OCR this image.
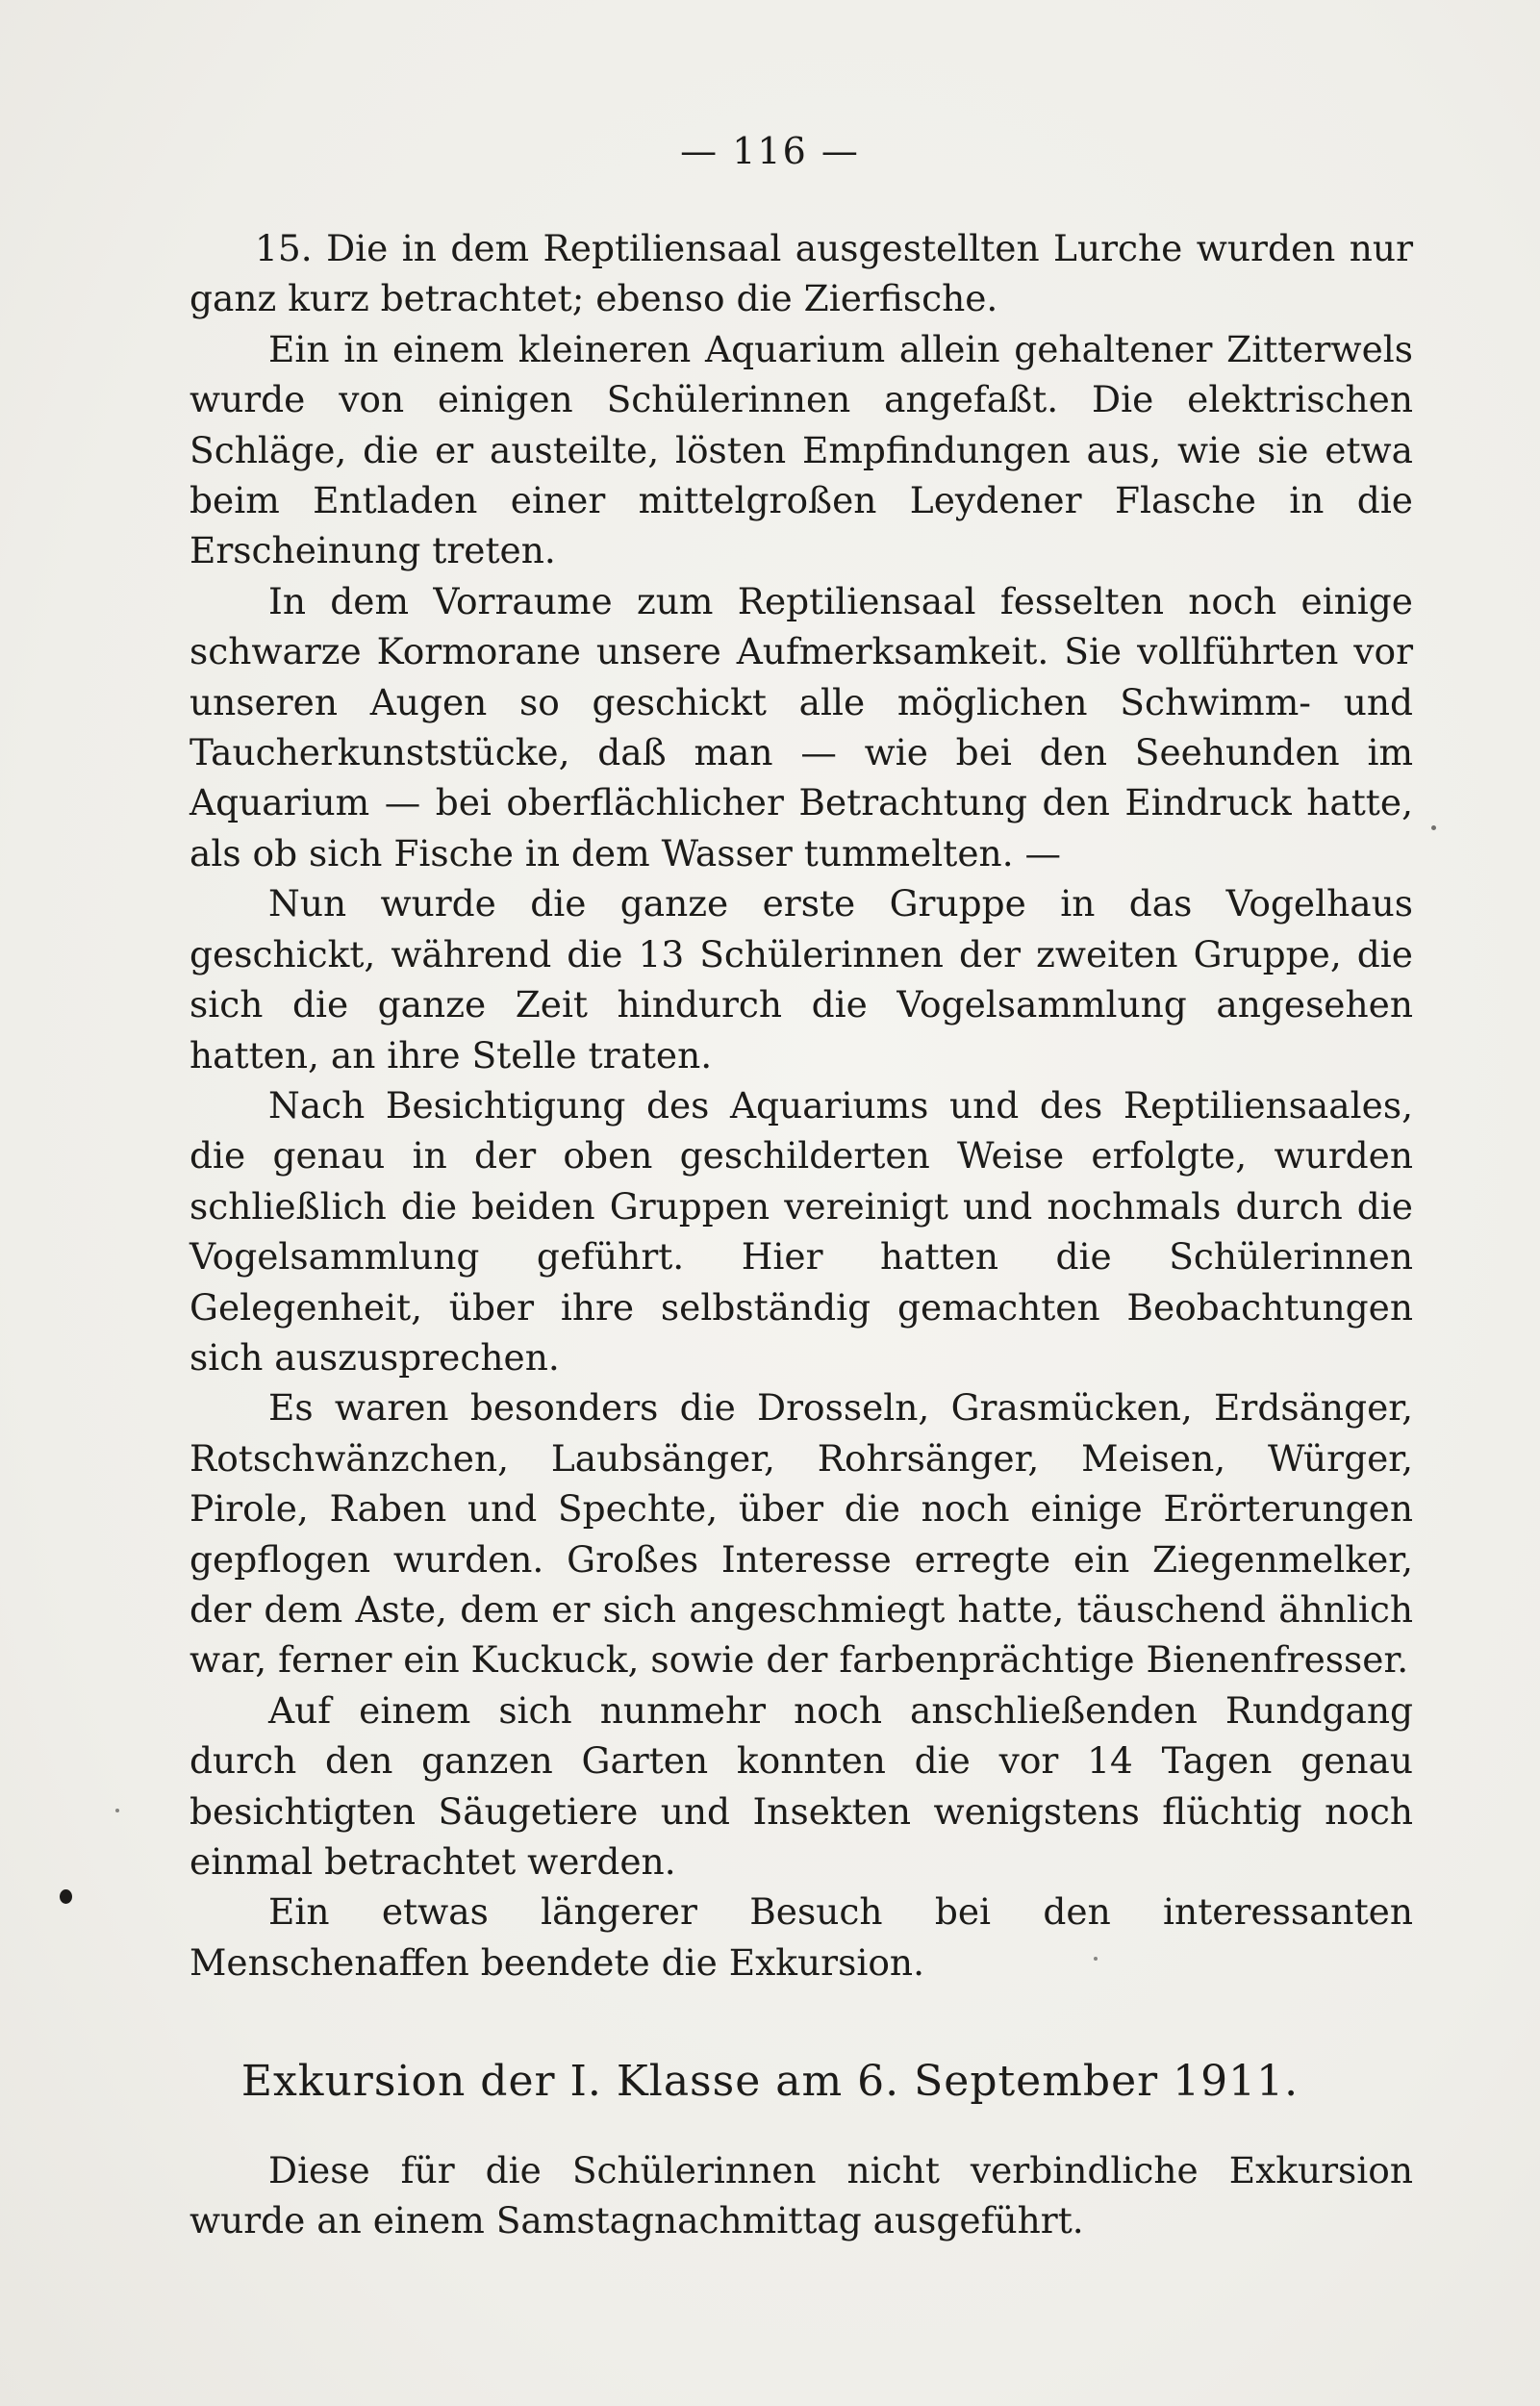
— 116 —

15. Die in dem Reptiliensaal ausgestellten Lurche wurden nur ganz kurz betrachtet; ebenso die Zierfische.

Ein in einem kleineren Aquarium allein gehaltener Zitterwels wurde von einigen Schülerinnen angefaßt. Die elektrischen Schläge, die er austeilte, lösten Empfindungen aus, wie sie etwa beim Entladen einer mittelgroßen Leydener Flasche in die Erscheinung treten.

In dem Vorraume zum Reptiliensaal fesselten noch einige schwarze Kormorane unsere Aufmerksamkeit. Sie vollführten vor unseren Augen so geschickt alle möglichen Schwimm- und Taucherkunststücke, daß man — wie bei den Seehunden im Aquarium — bei oberflächlicher Betrachtung den Eindruck hatte, als ob sich Fische in dem Wasser tummelten. —

Nun wurde die ganze erste Gruppe in das Vogelhaus geschickt, während die 13 Schülerinnen der zweiten Gruppe, die sich die ganze Zeit hindurch die Vogelsammlung angesehen hatten, an ihre Stelle traten.

Nach Besichtigung des Aquariums und des Reptiliensaales, die genau in der oben geschilderten Weise erfolgte, wurden schließlich die beiden Gruppen vereinigt und nochmals durch die Vogelsammlung geführt. Hier hatten die Schülerinnen Gelegenheit, über ihre selbständig gemachten Beobachtungen sich auszusprechen.

Es waren besonders die Drosseln, Grasmücken, Erdsänger, Rotschwänzchen, Laubsänger, Rohrsänger, Meisen, Würger, Pirole, Raben und Spechte, über die noch einige Erörterungen gepflogen wurden. Großes Interesse erregte ein Ziegenmelker, der dem Aste, dem er sich angeschmiegt hatte, täuschend ähnlich war, ferner ein Kuckuck, sowie der farbenprächtige Bienenfresser.

Auf einem sich nunmehr noch anschließenden Rundgang durch den ganzen Garten konnten die vor 14 Tagen genau besichtigten Säugetiere und Insekten wenigstens flüchtig noch einmal betrachtet werden.

Ein etwas längerer Besuch bei den interessanten Menschenaffen beendete die Exkursion.

Exkursion der I. Klasse am 6. September 1911.

Diese für die Schülerinnen nicht verbindliche Exkursion wurde an einem Samstagnachmittag ausgeführt.
